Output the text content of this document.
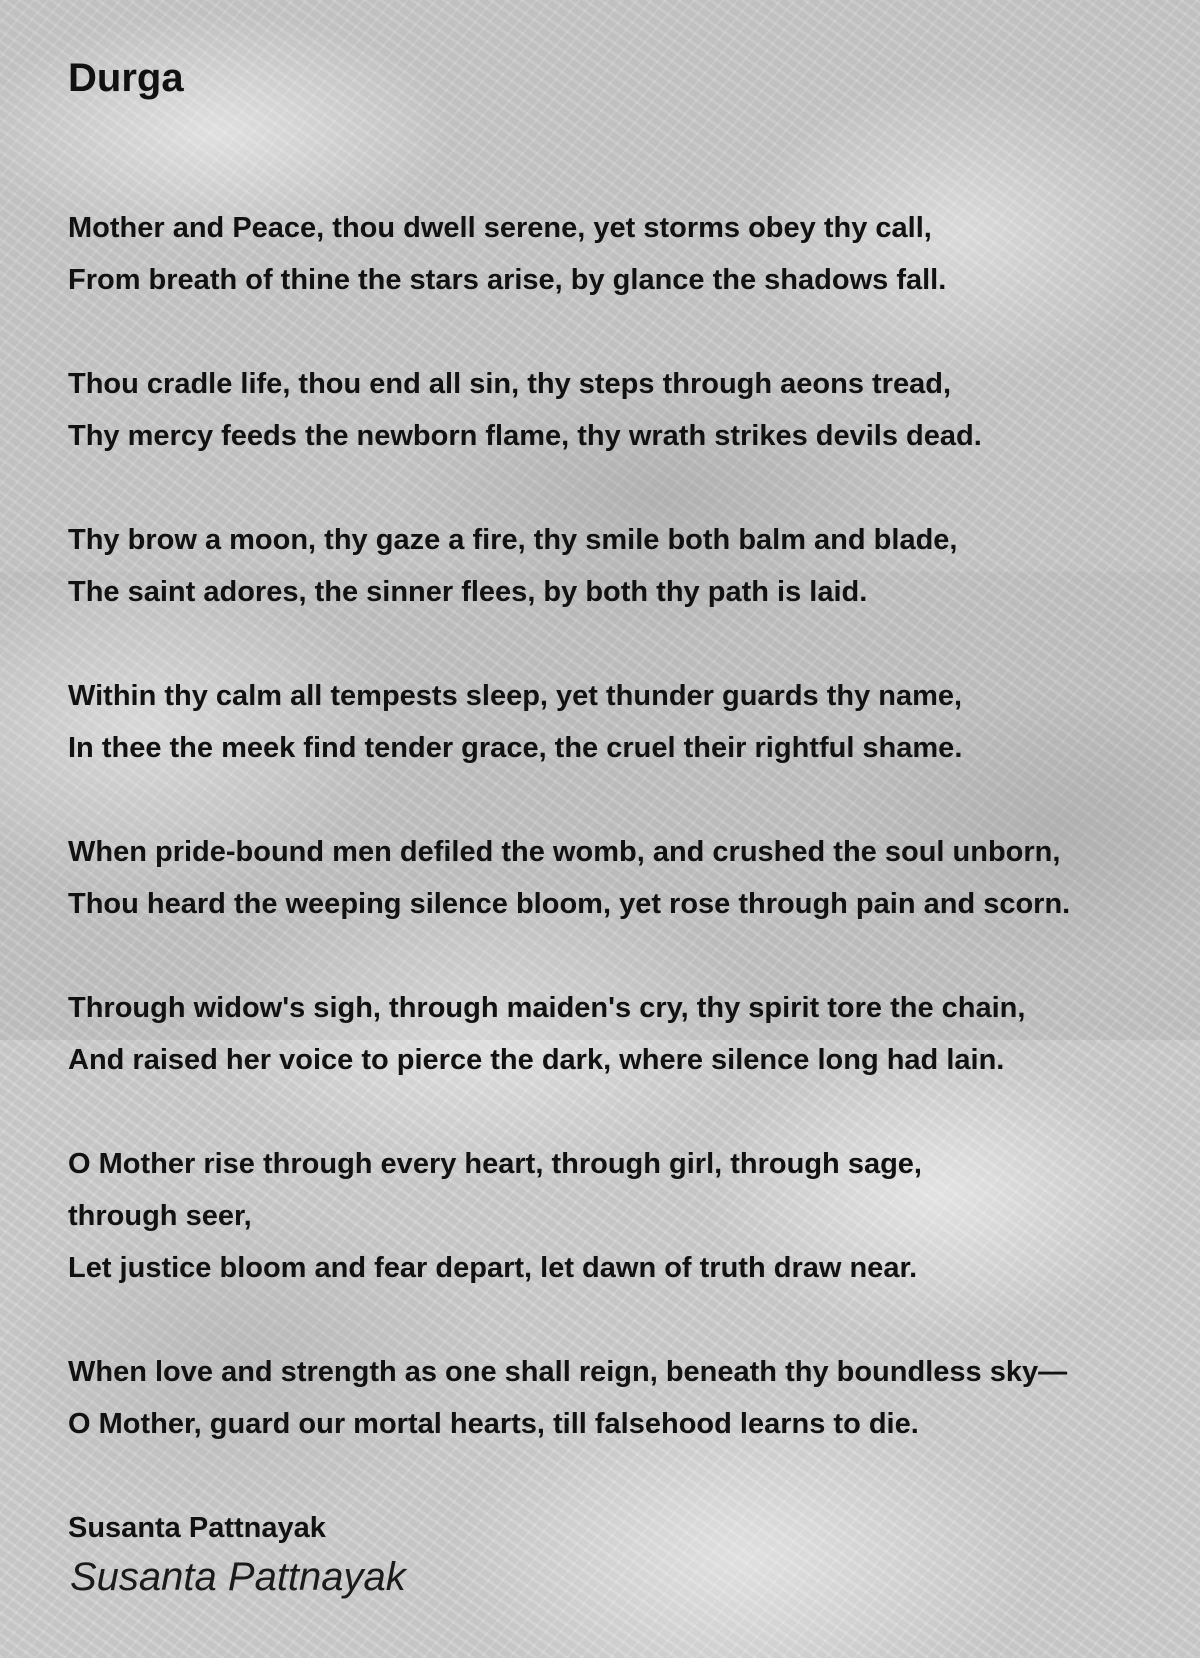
Durga
Mother and Peace, thou dwell serene, yet storms obey thy call,
From breath of thine the stars arise, by glance the shadows fall.
Thou cradle life, thou end all sin, thy steps through aeons tread,
Thy mercy feeds the newborn flame, thy wrath strikes devils dead.
Thy brow a moon, thy gaze a fire, thy smile both balm and blade,
The saint adores, the sinner flees, by both thy path is laid.
Within thy calm all tempests sleep, yet thunder guards thy name,
In thee the meek find tender grace, the cruel their rightful shame.
When pride-bound men defiled the womb, and crushed the soul unborn,
Thou heard the weeping silence bloom, yet rose through pain and scorn.
Through widow's sigh, through maiden's cry, thy spirit tore the chain,
And raised her voice to pierce the dark, where silence long had lain.
O Mother rise through every heart, through girl, through sage,
through seer,
Let justice bloom and fear depart, let dawn of truth draw near.
When love and strength as one shall reign, beneath thy boundless sky—
O Mother, guard our mortal hearts, till falsehood learns to die.
Susanta Pattnayak
Susanta Pattnayak
